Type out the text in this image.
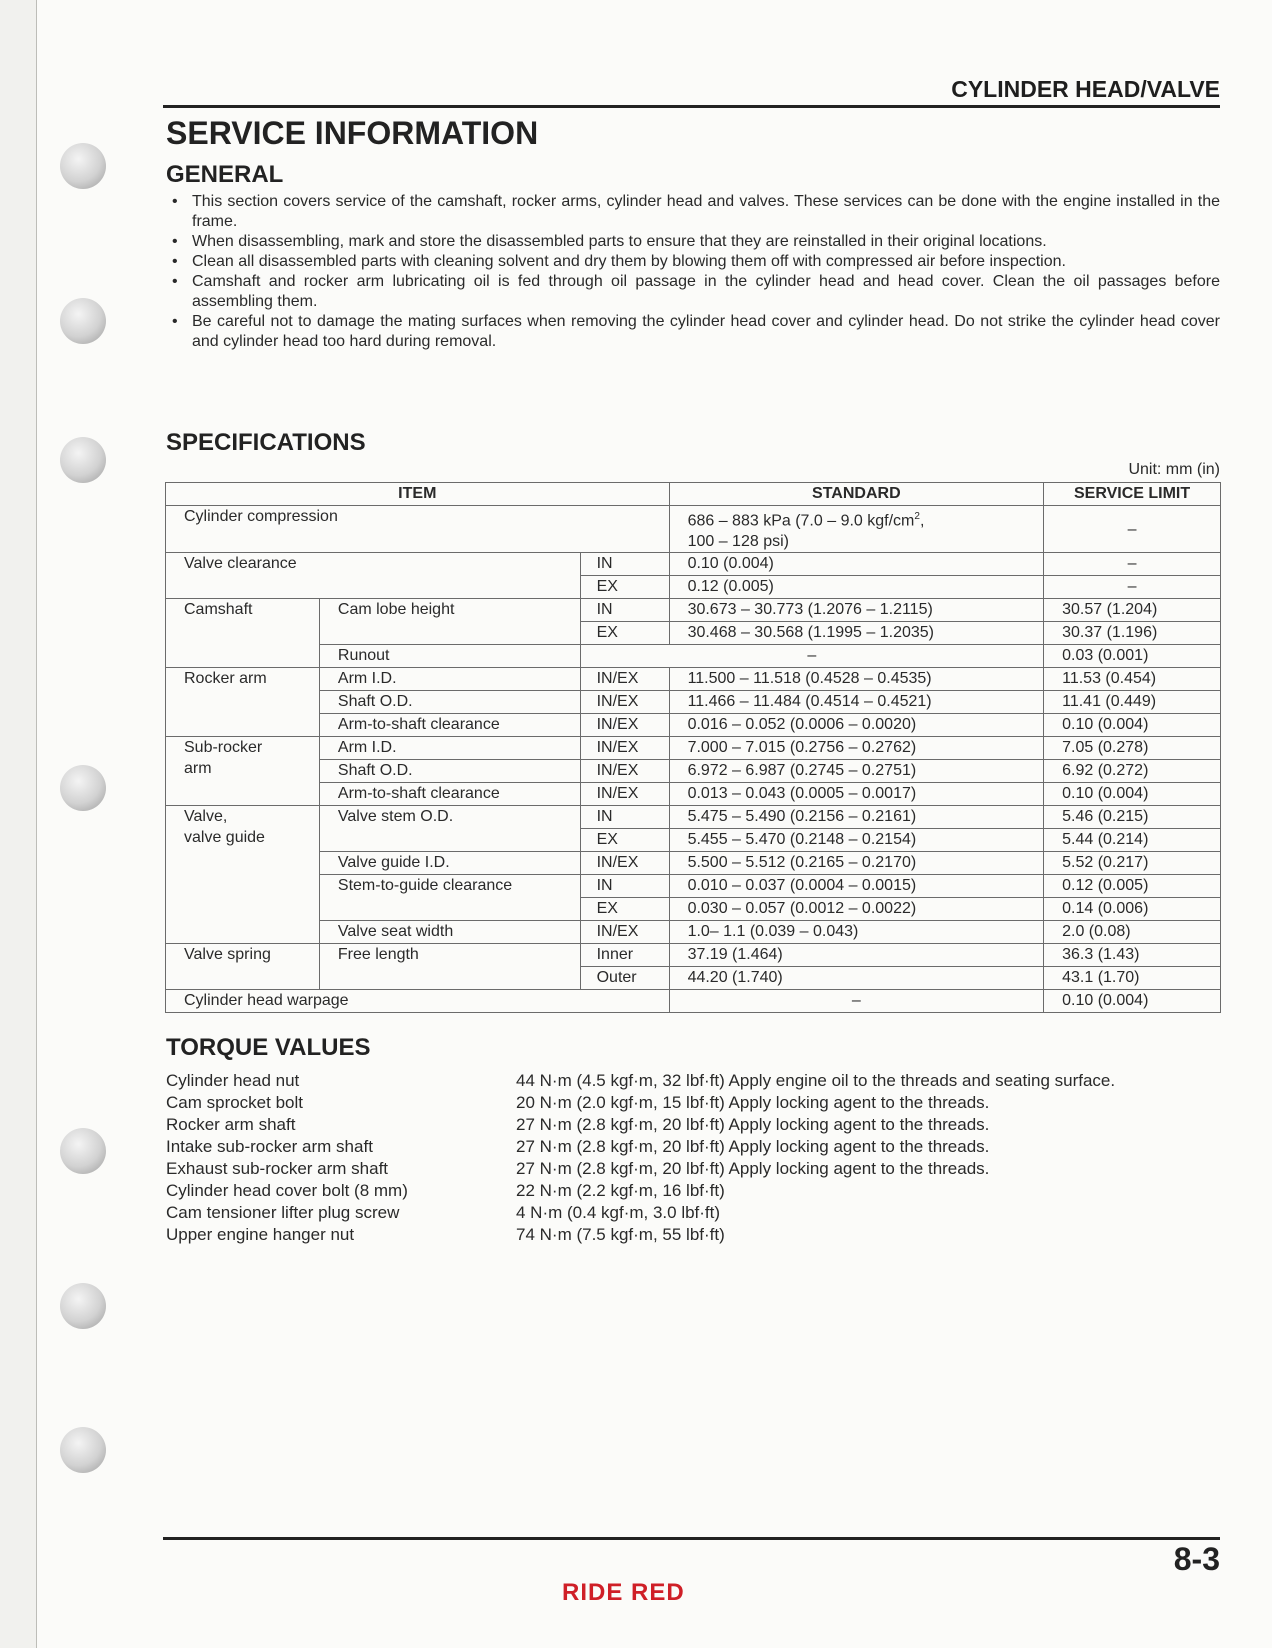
CYLINDER HEAD/VALVE
SERVICE INFORMATION
GENERAL
• This section covers service of the camshaft, rocker arms, cylinder head and valves. These services can be done with the engine installed in the frame.
• When disassembling, mark and store the disassembled parts to ensure that they are reinstalled in their original locations.
• Clean all disassembled parts with cleaning solvent and dry them by blowing them off with compressed air before inspection.
• Camshaft and rocker arm lubricating oil is fed through oil passage in the cylinder head and head cover. Clean the oil passages before assembling them.
• Be careful not to damage the mating surfaces when removing the cylinder head cover and cylinder head. Do not strike the cylinder head cover and cylinder head too hard during removal.
SPECIFICATIONS
Unit: mm (in)
ITEM			STANDARD	SERVICE LIMIT
Cylinder compression			686 – 883 kPa (7.0 – 9.0 kgf/$cm^2$,
100 – 128 psi)	–
Valve clearance		IN	0.10 (0.004)	–
		EX	0.12 (0.005)	–
Camshaft	Cam lobe height	IN	30.673 – 30.773 (1.2076 – 1.2115)	30.57 (1.204)
		EX	30.468 – 30.568 (1.1995 – 1.2035)	30.37 (1.196)
	Runout	–		0.03 (0.001)
Rocker arm	Arm I.D.	IN/EX	11.500 – 11.518 (0.4528 – 0.4535)	11.53 (0.454)
	Shaft O.D.	IN/EX	11.466 – 11.484 (0.4514 – 0.4521)	11.41 (0.449)
	Arm-to-shaft clearance	IN/EX	0.016 – 0.052 (0.0006 – 0.0020)	0.10 (0.004)
Sub-rocker
arm	Arm I.D.	IN/EX	7.000 – 7.015 (0.2756 – 0.2762)	7.05 (0.278)
	Shaft O.D.	IN/EX	6.972 – 6.987 (0.2745 – 0.2751)	6.92 (0.272)
	Arm-to-shaft clearance	IN/EX	0.013 – 0.043 (0.0005 – 0.0017)	0.10 (0.004)
Valve,
valve guide	Valve stem O.D.	IN	5.475 – 5.490 (0.2156 – 0.2161)	5.46 (0.215)
		EX	5.455 – 5.470 (0.2148 – 0.2154)	5.44 (0.214)
	Valve guide I.D.	IN/EX	5.500 – 5.512 (0.2165 – 0.2170)	5.52 (0.217)
	Stem-to-guide clearance	IN	0.010 – 0.037 (0.0004 – 0.0015)	0.12 (0.005)
		EX	0.030 – 0.057 (0.0012 – 0.0022)	0.14 (0.006)
	Valve seat width	IN/EX	1.0– 1.1 (0.039 – 0.043)	2.0 (0.08)
Valve spring	Free length	Inner	37.19 (1.464)	36.3 (1.43)
		Outer	44.20 (1.740)	43.1 (1.70)
Cylinder head warpage			–	0.10 (0.004)
TORQUE VALUES
Cylinder head nut	44 N·m (4.5 kgf·m, 32 lbf·ft) Apply engine oil to the threads and seating surface.
Cam sprocket bolt	20 N·m (2.0 kgf·m, 15 lbf·ft) Apply locking agent to the threads.
Rocker arm shaft	27 N·m (2.8 kgf·m, 20 lbf·ft) Apply locking agent to the threads.
Intake sub-rocker arm shaft	27 N·m (2.8 kgf·m, 20 lbf·ft) Apply locking agent to the threads.
Exhaust sub-rocker arm shaft	27 N·m (2.8 kgf·m, 20 lbf·ft) Apply locking agent to the threads.
Cylinder head cover bolt (8 mm)	22 N·m (2.2 kgf·m, 16 lbf·ft)
Cam tensioner lifter plug screw	4 N·m (0.4 kgf·m, 3.0 lbf·ft)
Upper engine hanger nut	74 N·m (7.5 kgf·m, 55 lbf·ft)
8-3
RIDE RED
